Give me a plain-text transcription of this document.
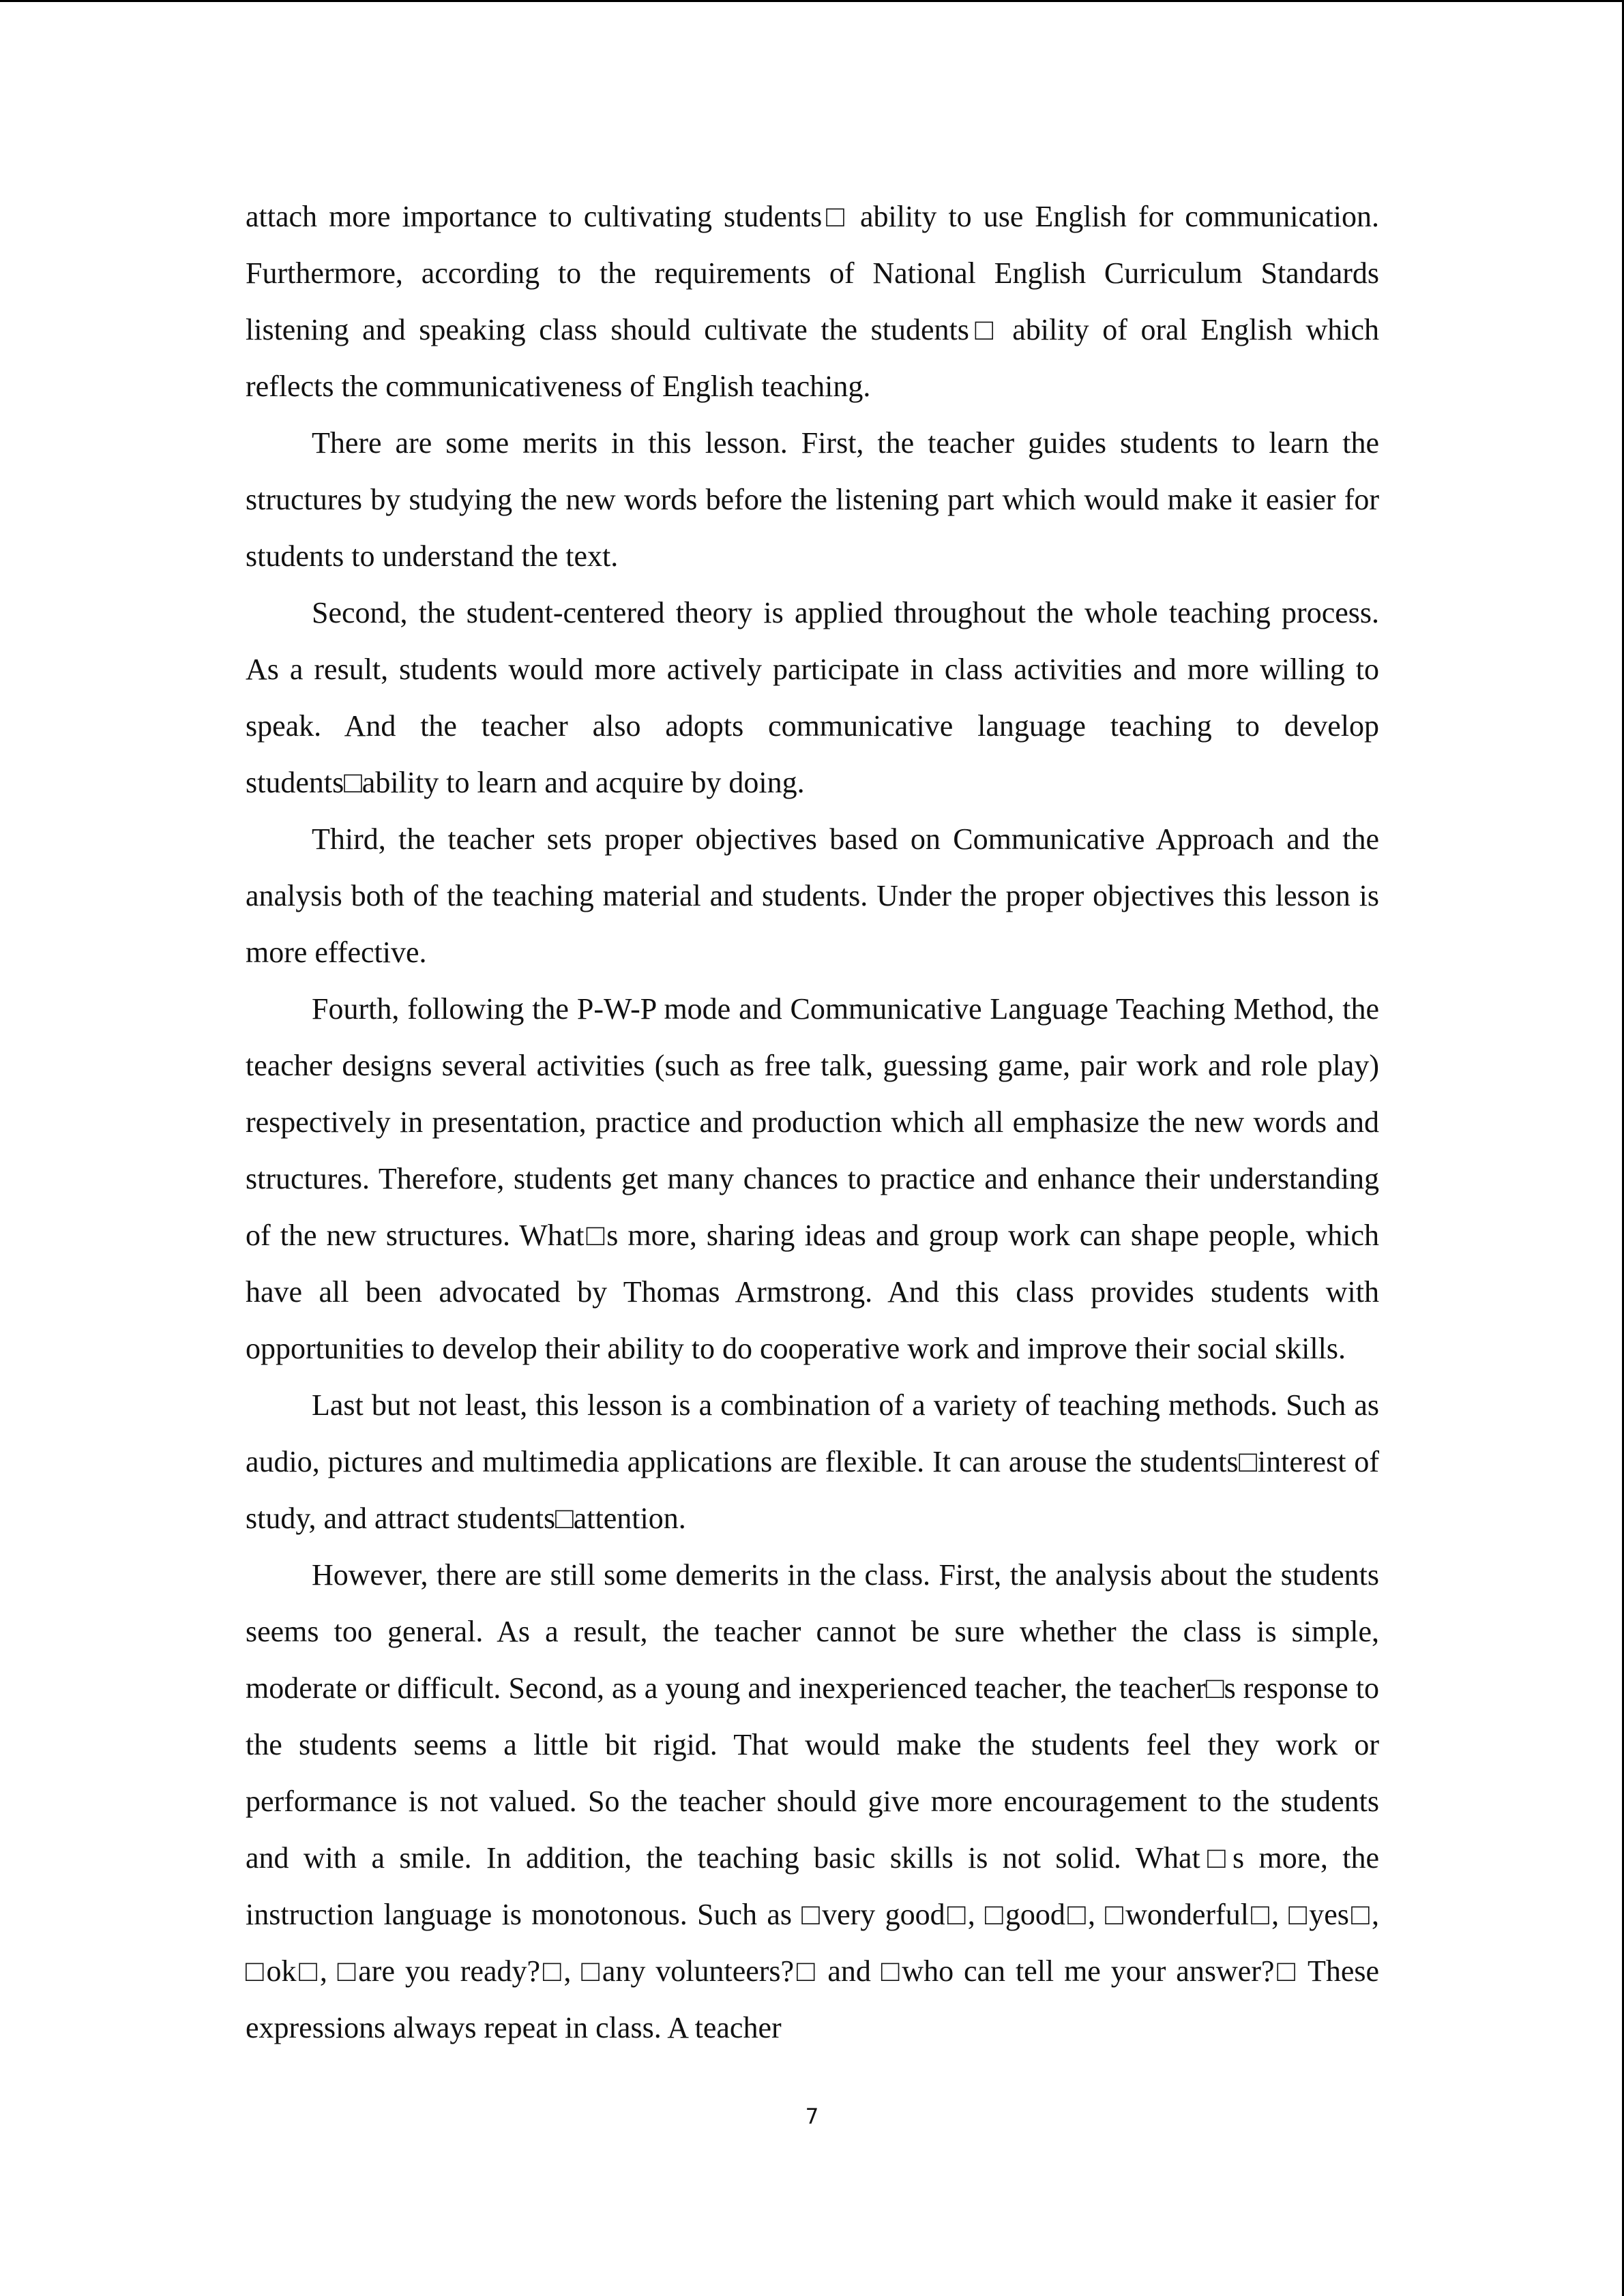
attach more importance to cultivating students□ ability to use English for communication. Furthermore, according to the requirements of National English Curriculum Standards listening and speaking class should cultivate the students□ ability of oral English which reflects the communicativeness of English teaching.

There are some merits in this lesson. First, the teacher guides students to learn the structures by studying the new words before the listening part which would make it easier for students to understand the text.

Second, the student-centered theory is applied throughout the whole teaching process. As a result, students would more actively participate in class activities and more willing to speak. And the teacher also adopts communicative language teaching to develop students□ability to learn and acquire by doing.

Third, the teacher sets proper objectives based on Communicative Approach and the analysis both of the teaching material and students. Under the proper objectives this lesson is more effective.

Fourth, following the P-W-P mode and Communicative Language Teaching Method, the teacher designs several activities (such as free talk, guessing game, pair work and role play) respectively in presentation, practice and production which all emphasize the new words and structures. Therefore, students get many chances to practice and enhance their understanding of the new structures. What□s more, sharing ideas and group work can shape people, which have all been advocated by Thomas Armstrong. And this class provides students with opportunities to develop their ability to do cooperative work and improve their social skills.

Last but not least, this lesson is a combination of a variety of teaching methods. Such as audio, pictures and multimedia applications are flexible. It can arouse the students□interest of study, and attract students□attention.

However, there are still some demerits in the class. First, the analysis about the students seems too general. As a result, the teacher cannot be sure whether the class is simple, moderate or difficult. Second, as a young and inexperienced teacher, the teacher□s response to the students seems a little bit rigid. That would make the students feel they work or performance is not valued. So the teacher should give more encouragement to the students and with a smile. In addition, the teaching basic skills is not solid. What□s more, the instruction language is monotonous. Such as □very good□, □good□, □wonderful□, □yes□, □ok□, □are you ready?□, □any volunteers?□ and □who can tell me your answer?□ These expressions always repeat in class. A teacher

7
